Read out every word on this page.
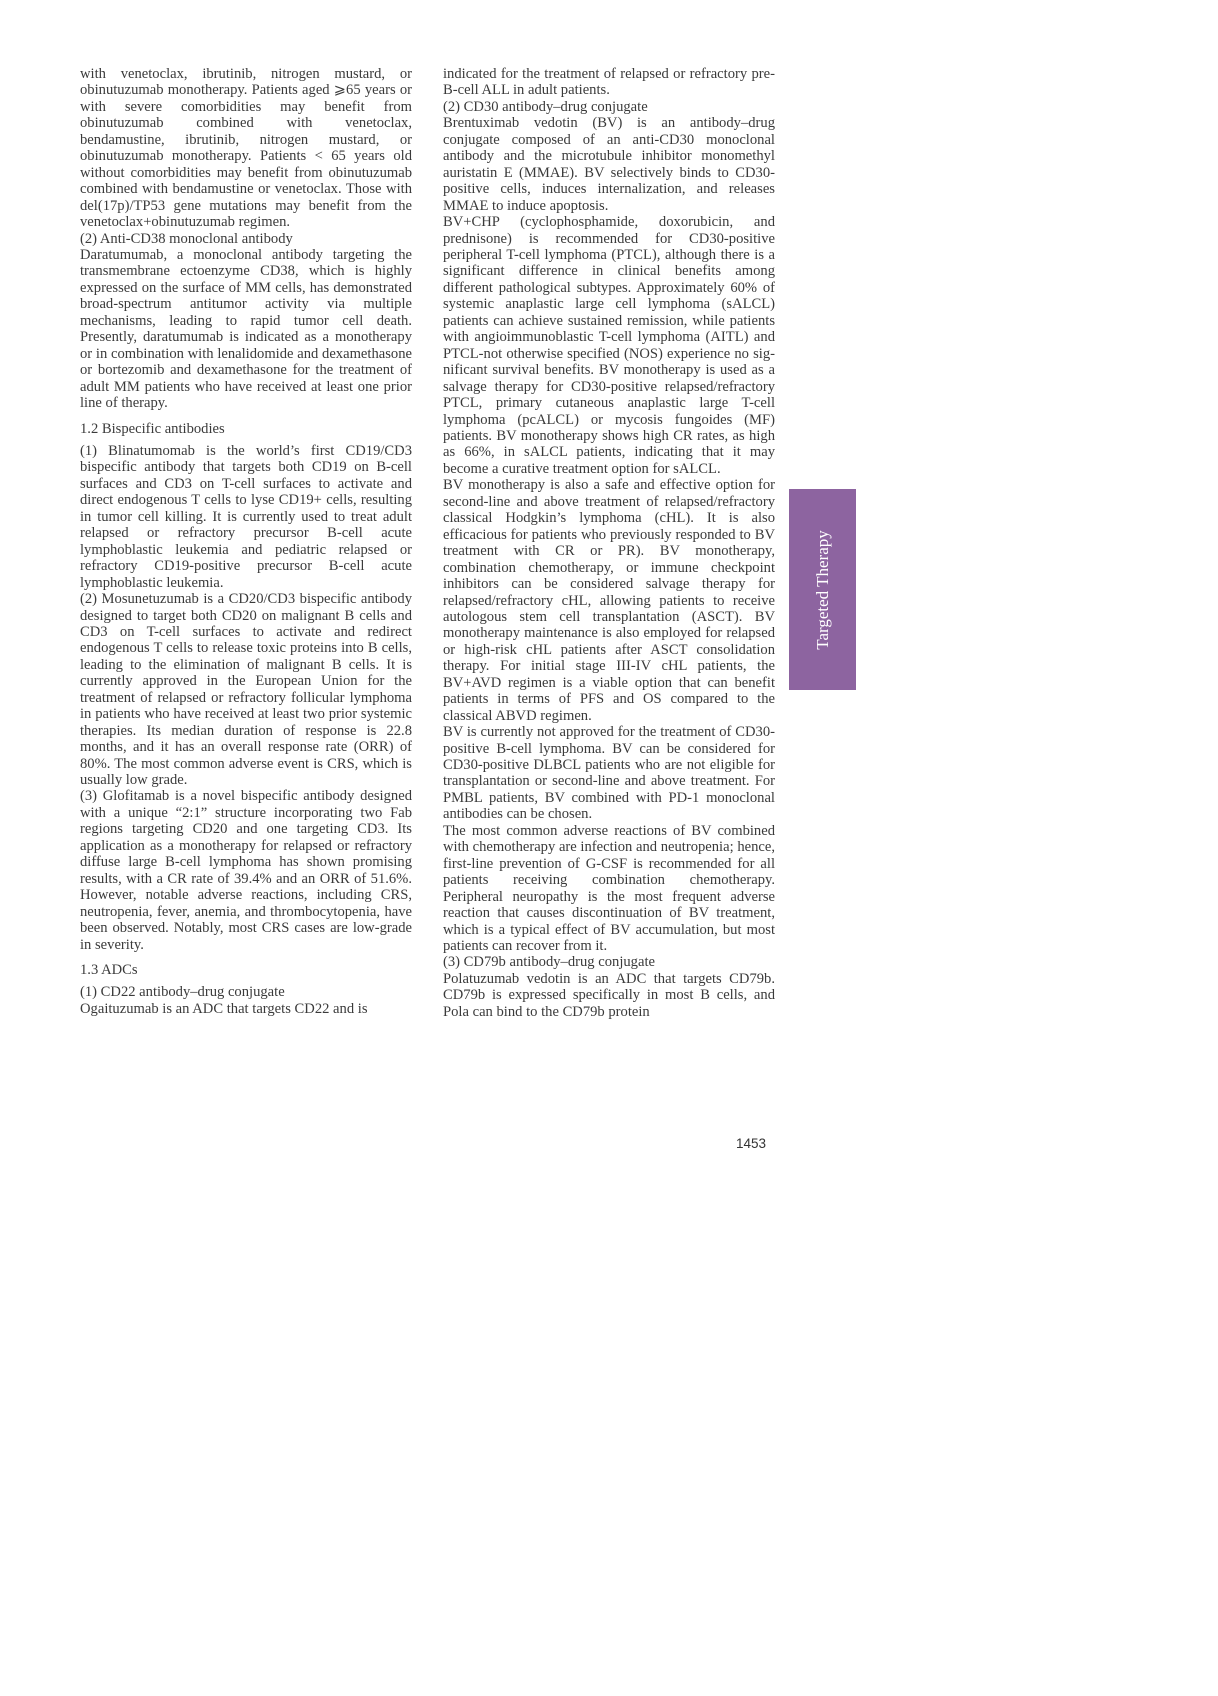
with venetoclax, ibrutinib, nitrogen mustard, or obinutuzumab monotherapy. Patients aged ⩾65 years or with severe comorbidities may benefit from obinutuzumab combined with venetoclax, bendamustine, ibrutinib, nitrogen mustard, or obinutuzumab monotherapy. Patients < 65 years old without comorbidities may benefit from obinutuzumab combined with bendamustine or venetoclax. Those with del(17p)/TP53 gene mutations may benefit from the venetoclax+obinutuzumab regimen.

(2) Anti-CD38 monoclonal antibody

Daratumumab, a monoclonal antibody targeting the transmembrane ectoenzyme CD38, which is highly expressed on the surface of MM cells, has demonstrated broad-spectrum antitumor activity via multiple mechanisms, leading to rapid tumor cell death. Presently, daratumumab is indicated as a monotherapy or in combination with lenalidomide and dexamethasone or bortezomib and dexamethasone for the treatment of adult MM patients who have received at least one prior line of therapy.

1.2 Bispecific antibodies

(1) Blinatumomab is the world’s first CD19/CD3 bispecific antibody that targets both CD19 on B-cell surfaces and CD3 on T-cell surfaces to activate and direct endogenous T cells to lyse CD19+ cells, resulting in tumor cell killing. It is currently used to treat adult relapsed or refractory precursor B-cell acute lymphoblastic leukemia and pediatric relapsed or refractory CD19-positive precursor B-cell acute lymphoblastic leukemia.

(2) Mosunetuzumab is a CD20/CD3 bispecific antibody designed to target both CD20 on malignant B cells and CD3 on T-cell surfaces to activate and redirect endogenous T cells to release toxic proteins into B cells, leading to the elimination of malignant B cells. It is currently approved in the European Union for the treatment of relapsed or refractory follicular lymphoma in patients who have received at least two prior systemic therapies. Its median duration of response is 22.8 months, and it has an overall response rate (ORR) of 80%. The most common adverse event is CRS, which is usually low grade.

(3) Glofitamab is a novel bispecific antibody designed with a unique “2:1” structure incorporating two Fab regions targeting CD20 and one targeting CD3. Its application as a monotherapy for relapsed or refractory diffuse large B-cell lymphoma has shown promising results, with a CR rate of 39.4% and an ORR of 51.6%. However, notable adverse reactions, including CRS, neutropenia, fever, anemia, and thrombocytopenia, have been observed. Notably, most CRS cases are low-grade in severity.

1.3 ADCs

(1) CD22 antibody–drug conjugate

Ogaituzumab is an ADC that targets CD22 and is

indicated for the treatment of relapsed or refractory pre-B-cell ALL in adult patients.

(2) CD30 antibody–drug conjugate

Brentuximab vedotin (BV) is an antibody–drug conjugate composed of an anti-CD30 monoclonal antibody and the microtubule inhibitor monomethyl auristatin E (MMAE). BV selectively binds to CD30-positive cells, induces internalization, and releases MMAE to induce apoptosis.

BV+CHP (cyclophosphamide, doxorubicin, and prednisone) is recommended for CD30-positive peripheral T-cell lymphoma (PTCL), although there is a significant difference in clinical benefits among different pathological subtypes. Approximately 60% of systemic anaplastic large cell lymphoma (sALCL) patients can achieve sustained remission, while patients with angioimmunoblastic T-cell lymphoma (AITL) and PTCL-not otherwise specified (NOS) experience no significant survival benefits. BV monotherapy is used as a salvage therapy for CD30-positive relapsed/refractory PTCL, primary cutaneous anaplastic large T-cell lymphoma (pcALCL) or mycosis fungoides (MF) patients. BV monotherapy shows high CR rates, as high as 66%, in sALCL patients, indicating that it may become a curative treatment option for sALCL.

BV monotherapy is also a safe and effective option for second-line and above treatment of relapsed/refractory classical Hodgkin’s lymphoma (cHL). It is also efficacious for patients who previously responded to BV treatment with CR or PR). BV monotherapy, combination chemotherapy, or immune checkpoint inhibitors can be considered salvage therapy for relapsed/refractory cHL, allowing patients to receive autologous stem cell transplantation (ASCT). BV monotherapy maintenance is also employed for relapsed or high-risk cHL patients after ASCT consolidation therapy. For initial stage III-IV cHL patients, the BV+AVD regimen is a viable option that can benefit patients in terms of PFS and OS compared to the classical ABVD regimen.

BV is currently not approved for the treatment of CD30-positive B-cell lymphoma. BV can be considered for CD30-positive DLBCL patients who are not eligible for transplantation or second-line and above treatment. For PMBL patients, BV combined with PD-1 monoclonal antibodies can be chosen.

The most common adverse reactions of BV combined with chemotherapy are infection and neutropenia; hence, first-line prevention of G-CSF is recommended for all patients receiving combination chemotherapy. Peripheral neuropathy is the most frequent adverse reaction that causes discontinuation of BV treatment, which is a typical effect of BV accumulation, but most patients can recover from it.

(3) CD79b antibody–drug conjugate

Polatuzumab vedotin is an ADC that targets CD79b. CD79b is expressed specifically in most B cells, and Pola can bind to the CD79b protein

Targeted Therapy
1453
